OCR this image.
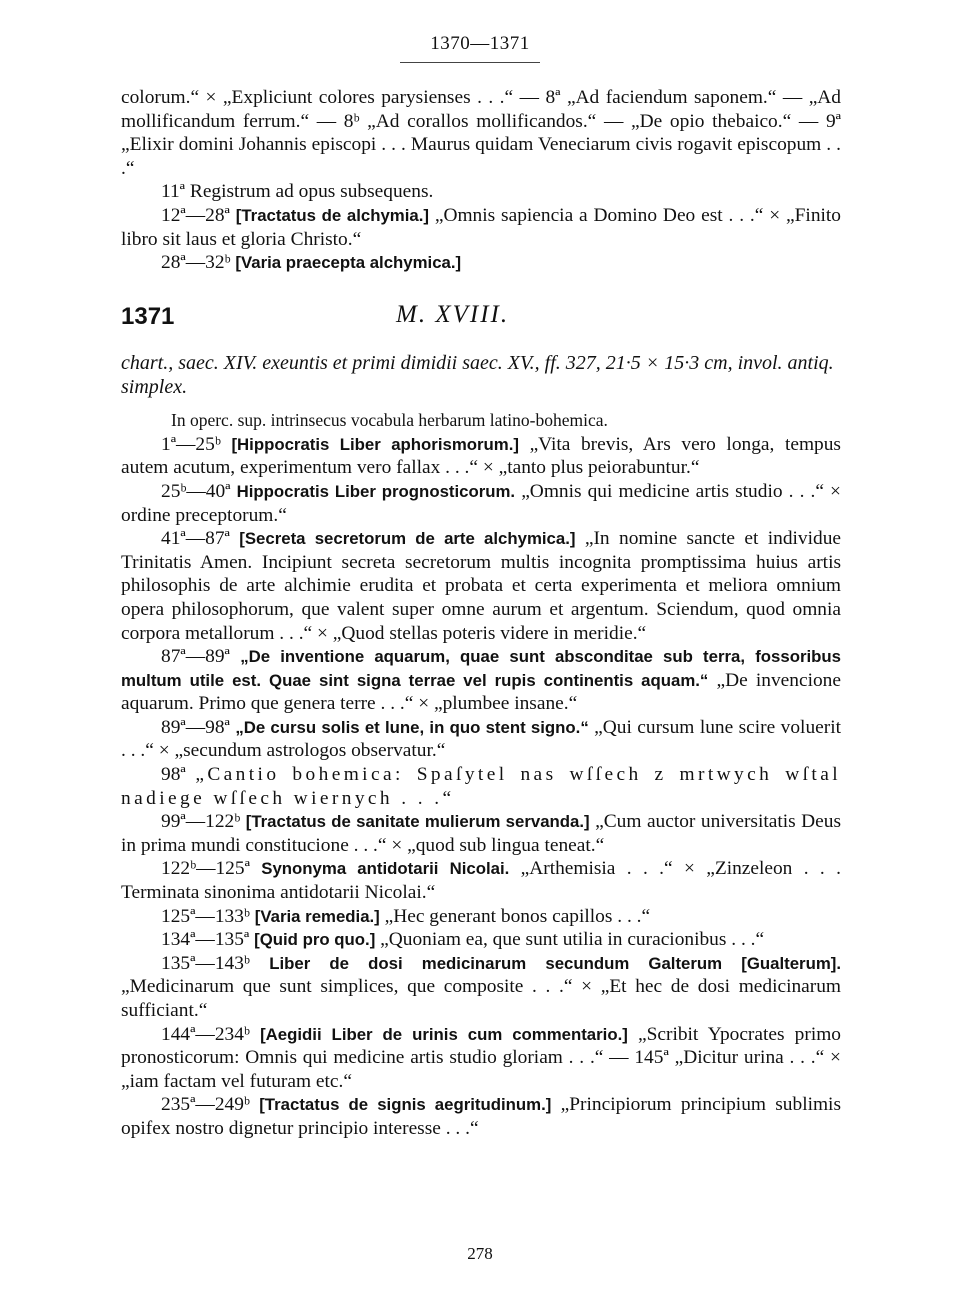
1370—1371

colorum.“ × „Expliciunt colores parysienses . . .“ — 8ª „Ad faciendum saponem.“ — „Ad mollificandum ferrum.“ — 8ᵇ „Ad corallos mollificandos.“ — „De opio thebaico.“ — 9ª „Elixir domini Johannis episcopi . . . Maurus quidam Veneciarum civis rogavit episcopum . . .“

11ª Registrum ad opus subsequens.

12ª—28ª [Tractatus de alchymia.] „Omnis sapiencia a Domino Deo est . . .“ × „Finito libro sit laus et gloria Christo.“

28ª—32ᵇ [Varia praecepta alchymica.]

1371	M. XVIII.

chart., saec. XIV. exeuntis et primi dimidii saec. XV., ff. 327, 21·5 × 15·3 cm, invol. antiq. simplex.

In operc. sup. intrinsecus vocabula herbarum latino-bohemica.

1ª—25ᵇ [Hippocratis Liber aphorismorum.] „Vita brevis, Ars vero longa, tempus autem acutum, experimentum vero fallax . . .“ × „tanto plus peiorabuntur.“

25ᵇ—40ª Hippocratis Liber prognosticorum. „Omnis qui medicine artis studio . . .“ × ordine preceptorum.“

41ª—87ª [Secreta secretorum de arte alchymica.] „In nomine sancte et individue Trinitatis Amen. Incipiunt secreta secretorum multis incognita promptissima huius artis philosophis de arte alchimie erudita et probata et certa experimenta et meliora omnium opera philosophorum, que valent super omne aurum et argentum. Sciendum, quod omnia corpora metallorum . . .“ × „Quod stellas poteris videre in meridie.“

87ª—89ª „De inventione aquarum, quae sunt absconditae sub terra, fossoribus multum utile est. Quae sint signa terrae vel rupis continentis aquam.“ „De invencione aquarum. Primo que genera terre . . .“ × „plumbee insane.“

89ª—98ª „De cursu solis et lune, in quo stent signo.“ „Qui cursum lune scire voluerit . . .“ × „secundum astrologos observatur.“

98ª „Cantio bohemica: Spaſytel nas wſſech z mrtwych wſtal nadiege wſſech wiernych . . .“

99ª—122ᵇ [Tractatus de sanitate mulierum servanda.] „Cum auctor universitatis Deus in prima mundi constitucione . . .“ × „quod sub lingua teneat.“

122ᵇ—125ª Synonyma antidotarii Nicolai. „Arthemisia . . .“ × „Zinzeleon . . . Terminata sinonima antidotarii Nicolai.“

125ª—133ᵇ [Varia remedia.] „Hec generant bonos capillos . . .“

134ª—135ª [Quid pro quo.] „Quoniam ea, que sunt utilia in curacionibus . . .“

135ª—143ᵇ Liber de dosi medicinarum secundum Galterum [Gualterum]. „Medicinarum que sunt simplices, que composite . . .“ × „Et hec de dosi medicinarum sufficiant.“

144ª—234ᵇ [Aegidii Liber de urinis cum commentario.] „Scribit Ypocrates primo pronosticorum: Omnis qui medicine artis studio gloriam . . .“ — 145ª „Dicitur urina . . .“ × „iam factam vel futuram etc.“

235ª—249ᵇ [Tractatus de signis aegritudinum.] „Principiorum principium sublimis opifex nostro dignetur principio interesse . . .“

278
